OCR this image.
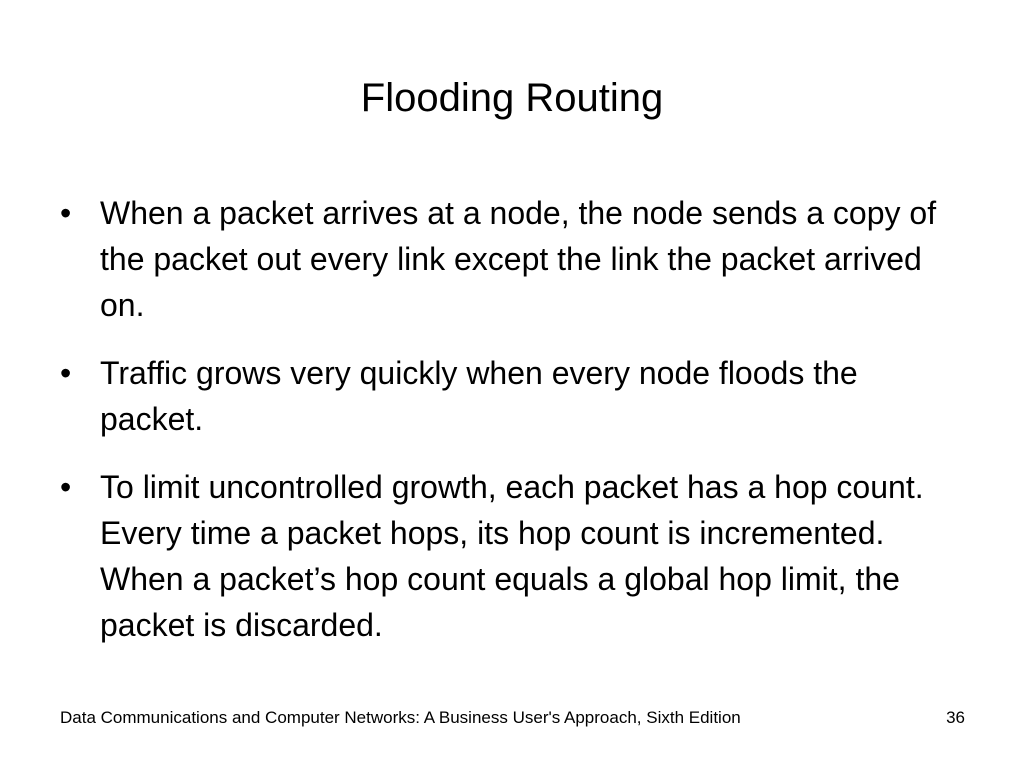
Flooding Routing
• When a packet arrives at a node, the node sends a copy of the packet out every link except the link the packet arrived on.
• Traffic grows very quickly when every node floods the packet.
• To limit uncontrolled growth, each packet has a hop count. Every time a packet hops, its hop count is incremented. When a packet’s hop count equals a global hop limit, the packet is discarded.
Data Communications and Computer Networks: A Business User's Approach, Sixth Edition	36
